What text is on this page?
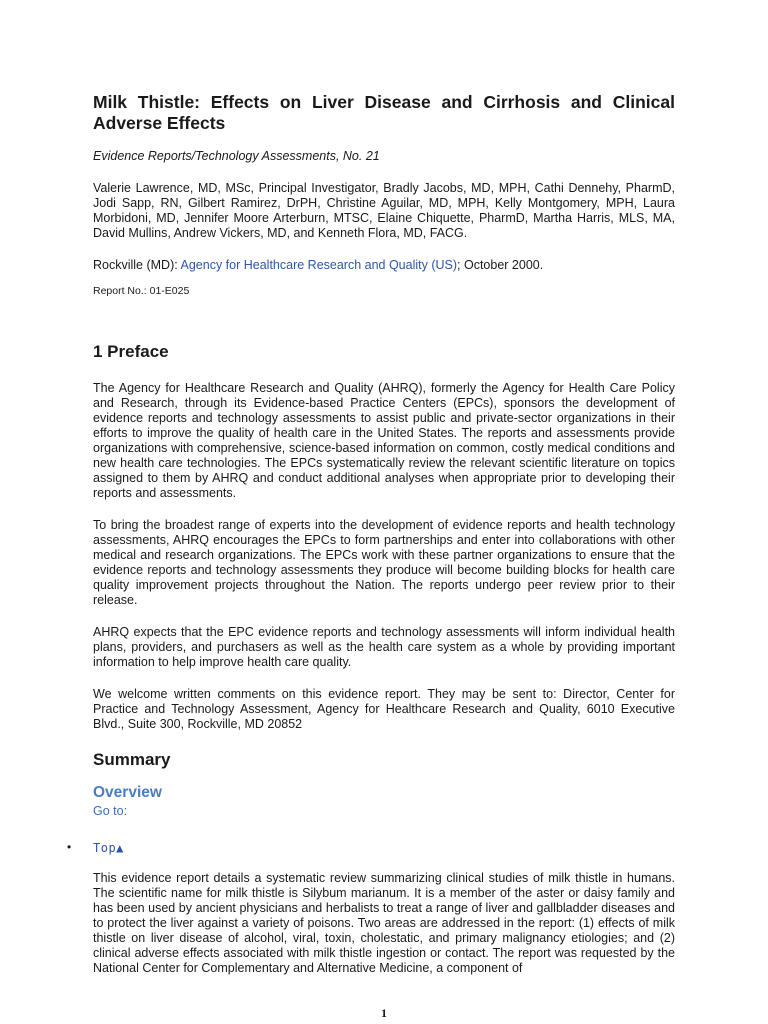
Milk Thistle: Effects on Liver Disease and Cirrhosis and Clinical Adverse Effects

Evidence Reports/Technology Assessments, No. 21

Valerie Lawrence, MD, MSc, Principal Investigator, Bradly Jacobs, MD, MPH, Cathi Dennehy, PharmD, Jodi Sapp, RN, Gilbert Ramirez, DrPH, Christine Aguilar, MD, MPH, Kelly Montgomery, MPH, Laura Morbidoni, MD, Jennifer Moore Arterburn, MTSC, Elaine Chiquette, PharmD, Martha Harris, MLS, MA, David Mullins, Andrew Vickers, MD, and Kenneth Flora, MD, FACG.

Rockville (MD): Agency for Healthcare Research and Quality (US); October 2000.

Report No.: 01-E025

1 Preface

The Agency for Healthcare Research and Quality (AHRQ), formerly the Agency for Health Care Policy and Research, through its Evidence-based Practice Centers (EPCs), sponsors the development of evidence reports and technology assessments to assist public and private-sector organizations in their efforts to improve the quality of health care in the United States. The reports and assessments provide organizations with comprehensive, science-based information on common, costly medical conditions and new health care technologies. The EPCs systematically review the relevant scientific literature on topics assigned to them by AHRQ and conduct additional analyses when appropriate prior to developing their reports and assessments.

To bring the broadest range of experts into the development of evidence reports and health technology assessments, AHRQ encourages the EPCs to form partnerships and enter into collaborations with other medical and research organizations. The EPCs work with these partner organizations to ensure that the evidence reports and technology assessments they produce will become building blocks for health care quality improvement projects throughout the Nation. The reports undergo peer review prior to their release.

AHRQ expects that the EPC evidence reports and technology assessments will inform individual health plans, providers, and purchasers as well as the health care system as a whole by providing important information to help improve health care quality.

We welcome written comments on this evidence report. They may be sent to: Director, Center for Practice and Technology Assessment, Agency for Healthcare Research and Quality, 6010 Executive Blvd., Suite 300, Rockville, MD 20852

Summary
Overview
Go to:
• Top▲

This evidence report details a systematic review summarizing clinical studies of milk thistle in humans. The scientific name for milk thistle is Silybum marianum. It is a member of the aster or daisy family and has been used by ancient physicians and herbalists to treat a range of liver and gallbladder diseases and to protect the liver against a variety of poisons. Two areas are addressed in the report: (1) effects of milk thistle on liver disease of alcohol, viral, toxin, cholestatic, and primary malignancy etiologies; and (2) clinical adverse effects associated with milk thistle ingestion or contact. The report was requested by the National Center for Complementary and Alternative Medicine, a component of

1
